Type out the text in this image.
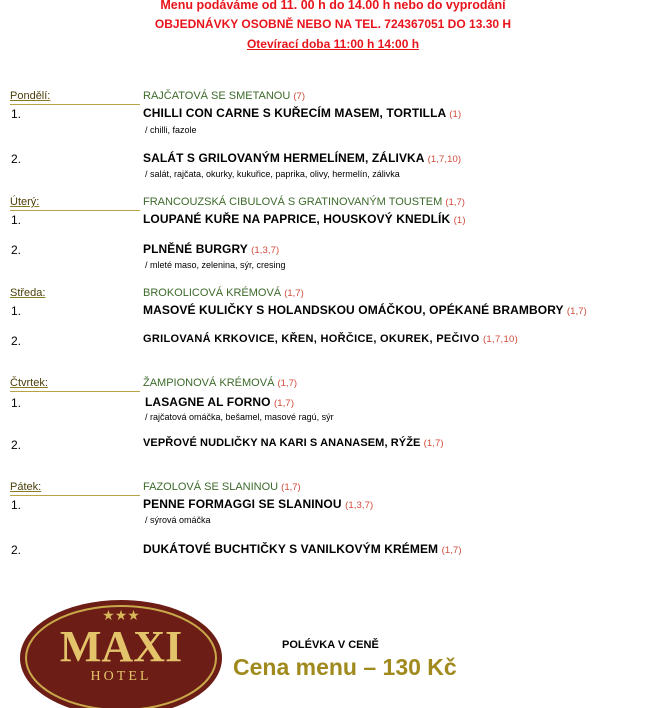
Menu podáváme od 11. 00 h do 14.00 h nebo do vyprodání
OBJEDNÁVKY OSOBNĚ NEBO NA TEL. 724367051 DO 13.30 H
Otevírací doba 11:00 h 14:00 h
Pondělí:	RAJČATOVÁ SE SMETANOU (7)
1.	CHILLI CON CARNE S KUŘECÍM MASEM, TORTILLA (1)
/ chilli, fazole
2.	SALÁT S GRILOVANÝM HERMELÍNEM, ZÁLIVKA (1,7,10)
/ salát, rajčata, okurky, kukuřice, paprika, olivy, hermelín, zálivka
Úterý:	FRANCOUZSKÁ CIBULOVÁ S GRATINOVANÝM TOUSTEM (1,7)
1.	LOUPANÉ KUŘE NA PAPRICE, HOUSKOVÝ KNEDLÍK (1)
2.	PLNĚNÉ BURGRY (1,3,7)
/ mleté maso, zelenina, sýr, cresing
Středa:	BROKOLICOVÁ KRÉMOVÁ (1,7)
1.	MASOVÉ KULIČKY S HOLANDSKOU OMÁČKOU, OPÉKANÉ BRAMBORY (1,7)
2.	GRILOVANÁ KRKOVICE, KŘEN, HOŘČICE, OKUREK, PEČIVO (1,7,10)
Čtvrtek:	ŽAMPIONOVÁ KRÉMOVÁ (1,7)
1.	LASAGNE AL FORNO (1,7)
/ rajčatová omáčka, bešamel, masové ragú, sýr
2.	VEPŘOVÉ NUDLIČKY NA KARI S ANANASEM, RÝŽE (1,7)
Pátek:	FAZOLOVÁ SE SLANINOU (1,7)
1.	PENNE FORMAGGI SE SLANINOU (1,3,7)
/ sýrová omáčka
2.	DUKÁTOVÉ BUCHTIČKY S VANILKOVÝM KRÉMEM (1,7)
★★★
MAXI
HOTEL
POLÉVKA V CENĚ
Cena menu – 130 Kč
